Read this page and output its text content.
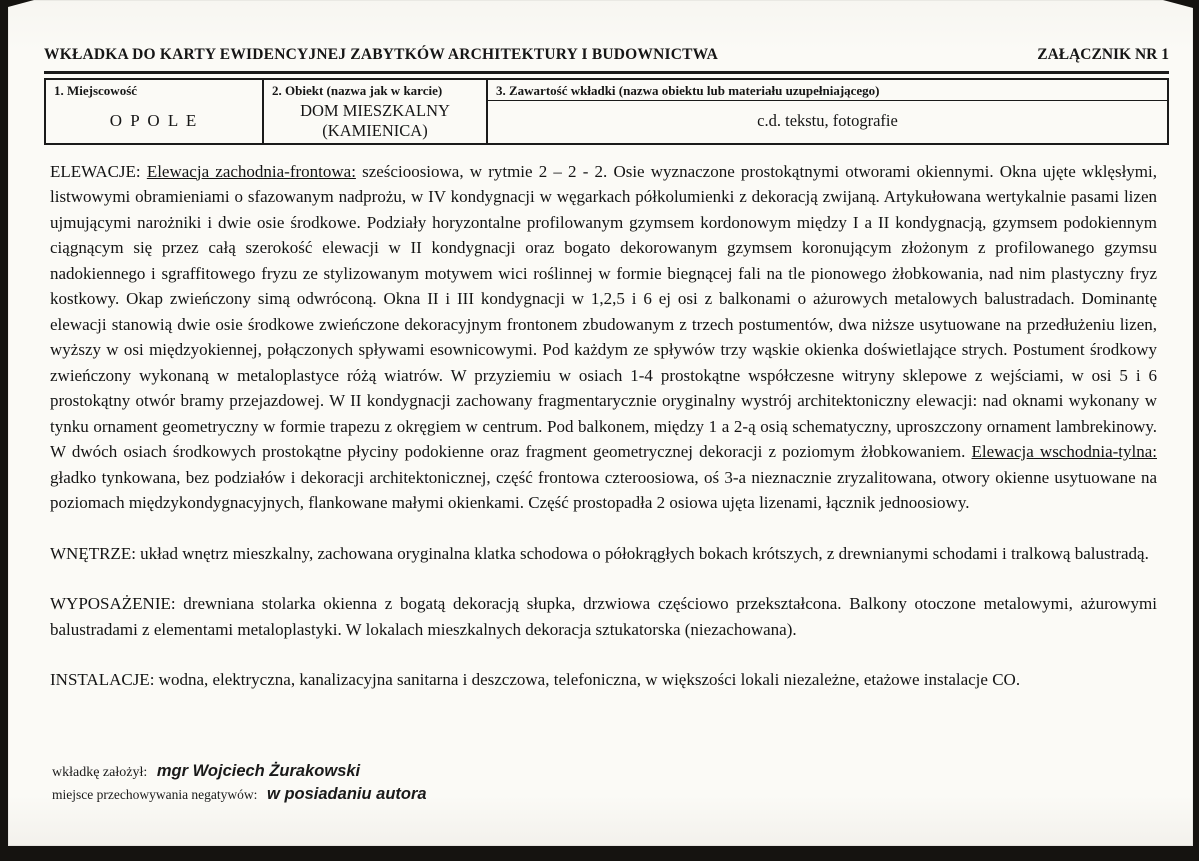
WKŁADKA DO KARTY EWIDENCYJNEJ ZABYTKÓW ARCHITEKTURY I BUDOWNICTWA	ZAŁĄCZNIK NR 1
1. Miejscowość
O P O L E
2. Obiekt (nazwa jak w karcie)
DOM MIESZKALNY
(KAMIENICA)
3. Zawartość wkładki (nazwa obiektu lub materiału uzupełniającego)
c.d. tekstu, fotografie

ELEWACJE: Elewacja zachodnia-frontowa: sześcioosiowa, w rytmie 2 – 2 - 2. Osie wyznaczone prostokątnymi otworami okiennymi. Okna ujęte wklęsłymi, listwowymi obramieniami o sfazowanym nadprożu, w IV kondygnacji w węgarkach półkolumienki z dekoracją zwijaną. Artykułowana wertykalnie pasami lizen ujmującymi narożniki i dwie osie środkowe. Podziały horyzontalne profilowanym gzymsem kordonowym między I a II kondygnacją, gzymsem podokiennym ciągnącym się przez całą szerokość elewacji w II kondygnacji oraz bogato dekorowanym gzymsem koronującym złożonym z profilowanego gzymsu nadokiennego i sgraffitowego fryzu ze stylizowanym motywem wici roślinnej w formie biegnącej fali na tle pionowego żłobkowania, nad nim plastyczny fryz kostkowy. Okap zwieńczony simą odwróconą. Okna II i III kondygnacji w 1,2,5 i 6 ej osi z balkonami o ażurowych metalowych balustradach. Dominantę elewacji stanowią dwie osie środkowe zwieńczone dekoracyjnym frontonem zbudowanym z trzech postumentów, dwa niższe usytuowane na przedłużeniu lizen, wyższy w osi międzyokiennej, połączonych spływami esownicowymi. Pod każdym ze spływów trzy wąskie okienka doświetlające strych. Postument środkowy zwieńczony wykonaną w metaloplastyce różą wiatrów. W przyziemiu w osiach 1-4 prostokątne współczesne witryny sklepowe z wejściami, w osi 5 i 6 prostokątny otwór bramy przejazdowej. W II kondygnacji zachowany fragmentarycznie oryginalny wystrój architektoniczny elewacji: nad oknami wykonany w tynku ornament geometryczny w formie trapezu z okręgiem w centrum. Pod balkonem, między 1 a 2-ą osią schematyczny, uproszczony ornament lambrekinowy. W dwóch osiach środkowych prostokątne płyciny podokienne oraz fragment geometrycznej dekoracji z poziomym żłobkowaniem. Elewacja wschodnia-tylna: gładko tynkowana, bez podziałów i dekoracji architektonicznej, część frontowa czteroosiowa, oś 3-a nieznacznie zryzalitowana, otwory okienne usytuowane na poziomach międzykondygnacyjnych, flankowane małymi okienkami. Część prostopadła 2 osiowa ujęta lizenami, łącznik jednoosiowy.

WNĘTRZE: układ wnętrz mieszkalny, zachowana oryginalna klatka schodowa o półokrągłych bokach krótszych, z drewnianymi schodami i tralkową balustradą.

WYPOSAŻENIE: drewniana stolarka okienna z bogatą dekoracją słupka, drzwiowa częściowo przekształcona. Balkony otoczone metalowymi, ażurowymi balustradami z elementami metaloplastyki. W lokalach mieszkalnych dekoracja sztukatorska (niezachowana).

INSTALACJE: wodna, elektryczna, kanalizacyjna sanitarna i deszczowa, telefoniczna, w większości lokali niezależne, etażowe instalacje CO.

wkładkę założył: mgr Wojciech Żurakowski
miejsce przechowywania negatywów: w posiadaniu autora
